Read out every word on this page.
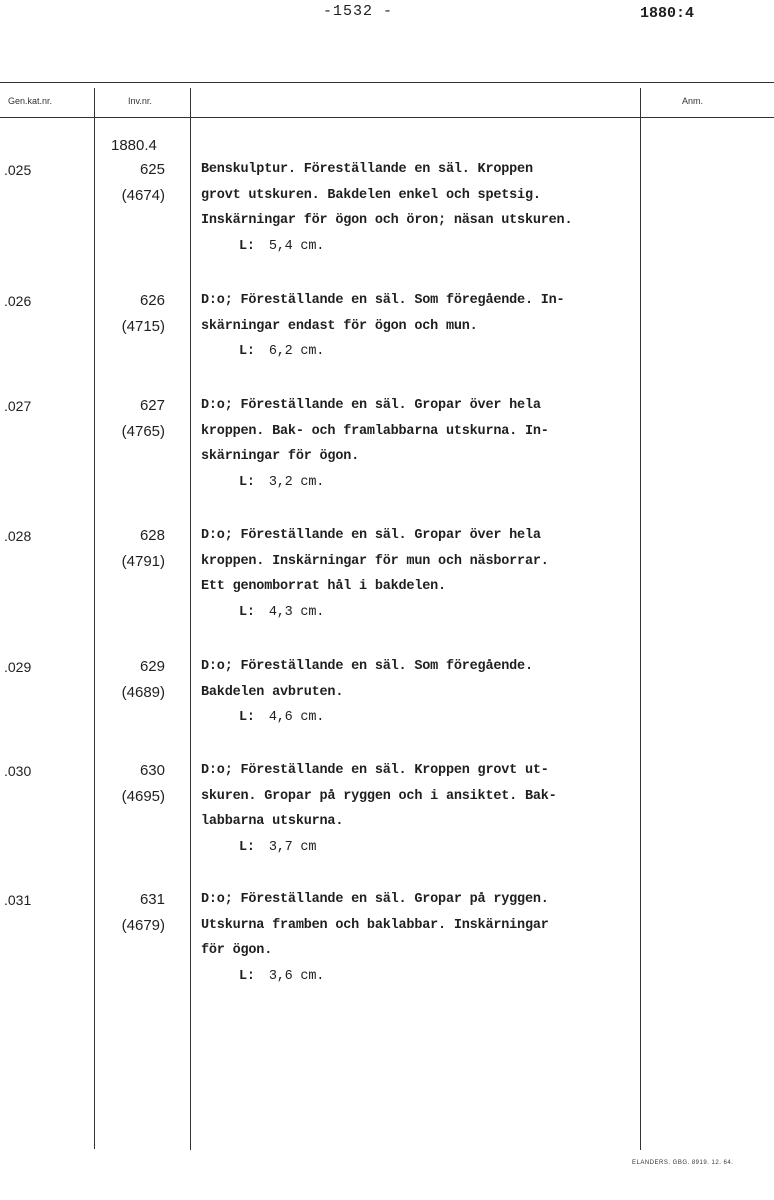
-1532 -	1880:4
Gen.kat.nr.	Inv.nr.	Anm.
1880.4
.025	625
(4674)
Benskulptur. Föreställande en säl. Kroppen
grovt utskuren. Bakdelen enkel och spetsig.
Inskärningar för ögon och öron; näsan utskuren.
L: 5,4 cm.
.026	626
(4715)
D:o; Föreställande en säl. Som föregående. In-
skärningar endast för ögon och mun.
L: 6,2 cm.
.027	627
(4765)
D:o; Föreställande en säl. Gropar över hela
kroppen. Bak- och framlabbarna utskurna. In-
skärningar för ögon.
L: 3,2 cm.
.028	628
(4791)
D:o; Föreställande en säl. Gropar över hela
kroppen. Inskärningar för mun och näsborrar.
Ett genomborrat hål i bakdelen.
L: 4,3 cm.
.029	629
(4689)
D:o; Föreställande en säl. Som föregående.
Bakdelen avbruten.
L: 4,6 cm.
.030	630
(4695)
D:o; Föreställande en säl. Kroppen grovt ut-
skuren. Gropar på ryggen och i ansiktet. Bak-
labbarna utskurna.
L: 3,7 cm
.031	631
(4679)
D:o; Föreställande en säl. Gropar på ryggen.
Utskurna framben och baklabbar. Inskärningar
för ögon.
L: 3,6 cm.
ELANDERS. GBG. 8919. 12. 64.
